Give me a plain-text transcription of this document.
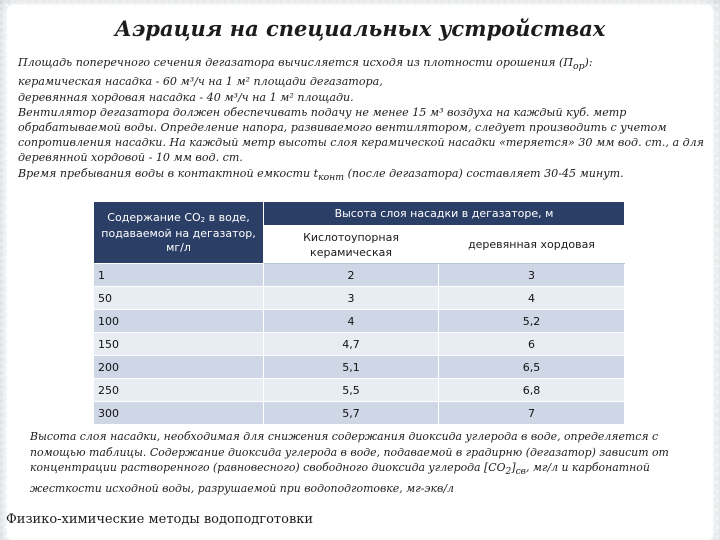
Аэрация на специальных устройствах

Площадь поперечного сечения дегазатора вычисляется исходя из плотности орошения $(П_{ор})$:

керамическая насадка - 60 м³/ч на 1 м² площади дегазатора,

деревянная хордовая насадка - 40 м³/ч на 1 м² площади.

Вентилятор дегазатора должен обеспечивать подачу не менее 15 м³ воздуха на каждый куб. метр

обрабатываемой воды. Определение напора, развиваемого вентилятором, следует производить с учетом

сопротивления насадки. На каждый метр высоты слоя керамической насадки «теряется» 30 мм вод. ст., а для

деревянной хордовой - 10 мм вод. ст.

Время пребывания воды в контактной емкости $t_{конт}$ (после дегазатора) составляет 30-45 минут.

Содержание $CO_2$ в воде, подаваемой на дегазатор, мг/л	Высота слоя насадки в дегазаторе, м	
	Кислотоупорная керамическая	деревянная хордовая
1	2	3
50	3	4
100	4	5,2
150	4,7	6
200	5,1	6,5
250	5,5	6,8
300	5,7	7

Высота слоя насадки, необходимая для снижения содержания диоксида углерода в воде, определяется с

помощью таблицы. Содержание диоксида углерода в воде, подаваемой в градирню (дегазатор) зависит от

концентрации растворенного (равновесного) свободного диоксида углерода $[CO_2]_{св}$, мг/л и карбонатной

жесткости исходной воды, разрушаемой при водоподготовке, мг-экв/л

Физико-химические методы водоподготовки
